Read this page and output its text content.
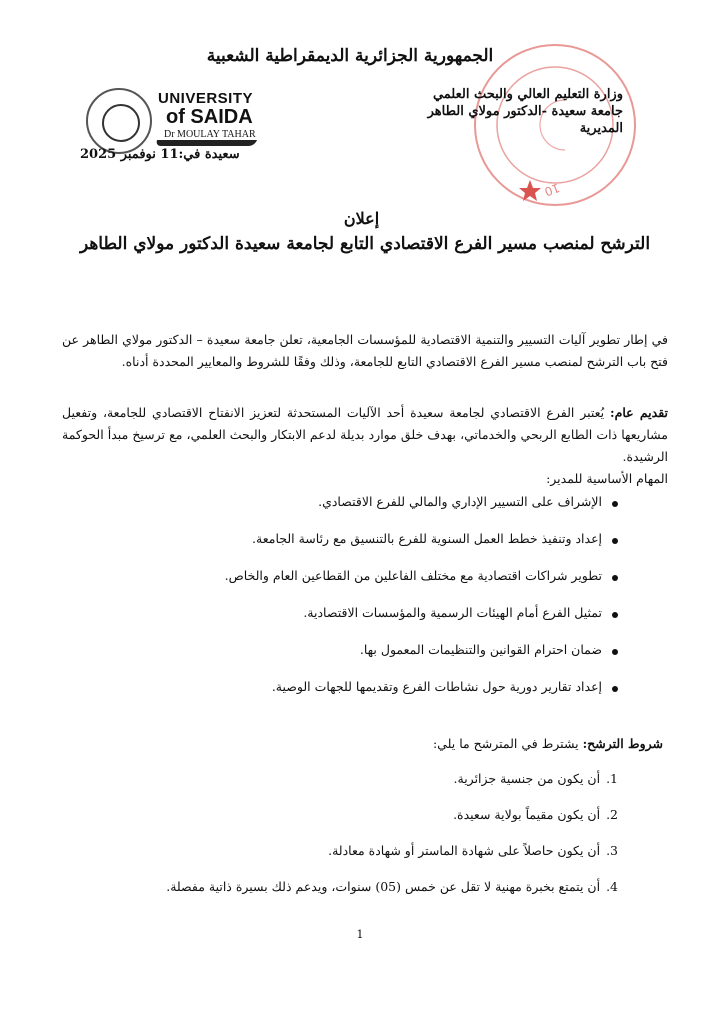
الجمهورية الجزائرية الديمقراطية الشعبية
10
وزارة التعليم العالي والبحث العلمي
جامعة سعيدة -الدكتور مولاي الطاهر
المديرية
UNIVERSITY
of SAIDA
Dr MOULAY TAHAR
سعيدة في:11 نوفمبر 2025
إعلان
الترشح لمنصب مسير الفرع الاقتصادي التابع لجامعة سعيدة الدكتور مولاي الطاهر

في إطار تطوير آليات التسيير والتنمية الاقتصادية للمؤسسات الجامعية، تعلن جامعة سعيدة – الدكتور مولاي الطاهر عن فتح باب الترشح لمنصب مسير الفرع الاقتصادي التابع للجامعة، وذلك وفقًا للشروط والمعايير المحددة أدناه.

تقديم عام: يُعتبر الفرع الاقتصادي لجامعة سعيدة أحد الآليات المستحدثة لتعزيز الانفتاح الاقتصادي للجامعة، وتفعيل مشاريعها ذات الطابع الربحي والخدماتي، بهدف خلق موارد بديلة لدعم الابتكار والبحث العلمي، مع ترسيخ مبدأ الحوكمة الرشيدة.
المهام الأساسية للمدير:
الإشراف على التسيير الإداري والمالي للفرع الاقتصادي.
إعداد وتنفيذ خطط العمل السنوية للفرع بالتنسيق مع رئاسة الجامعة.
تطوير شراكات اقتصادية مع مختلف الفاعلين من القطاعين العام والخاص.
تمثيل الفرع أمام الهيئات الرسمية والمؤسسات الاقتصادية.
ضمان احترام القوانين والتنظيمات المعمول بها.
إعداد تقارير دورية حول نشاطات الفرع وتقديمها للجهات الوصية.
شروط الترشح: يشترط في المترشح ما يلي:
1.
أن يكون من جنسية جزائرية.
2.
أن يكون مقيماً بولاية سعيدة.
3.
أن يكون حاصلاً على شهادة الماستر أو شهادة معادلة.
4.
أن يتمتع بخبرة مهنية لا تقل عن خمس (05) سنوات، ويدعم ذلك بسيرة ذاتية مفصلة.
1
